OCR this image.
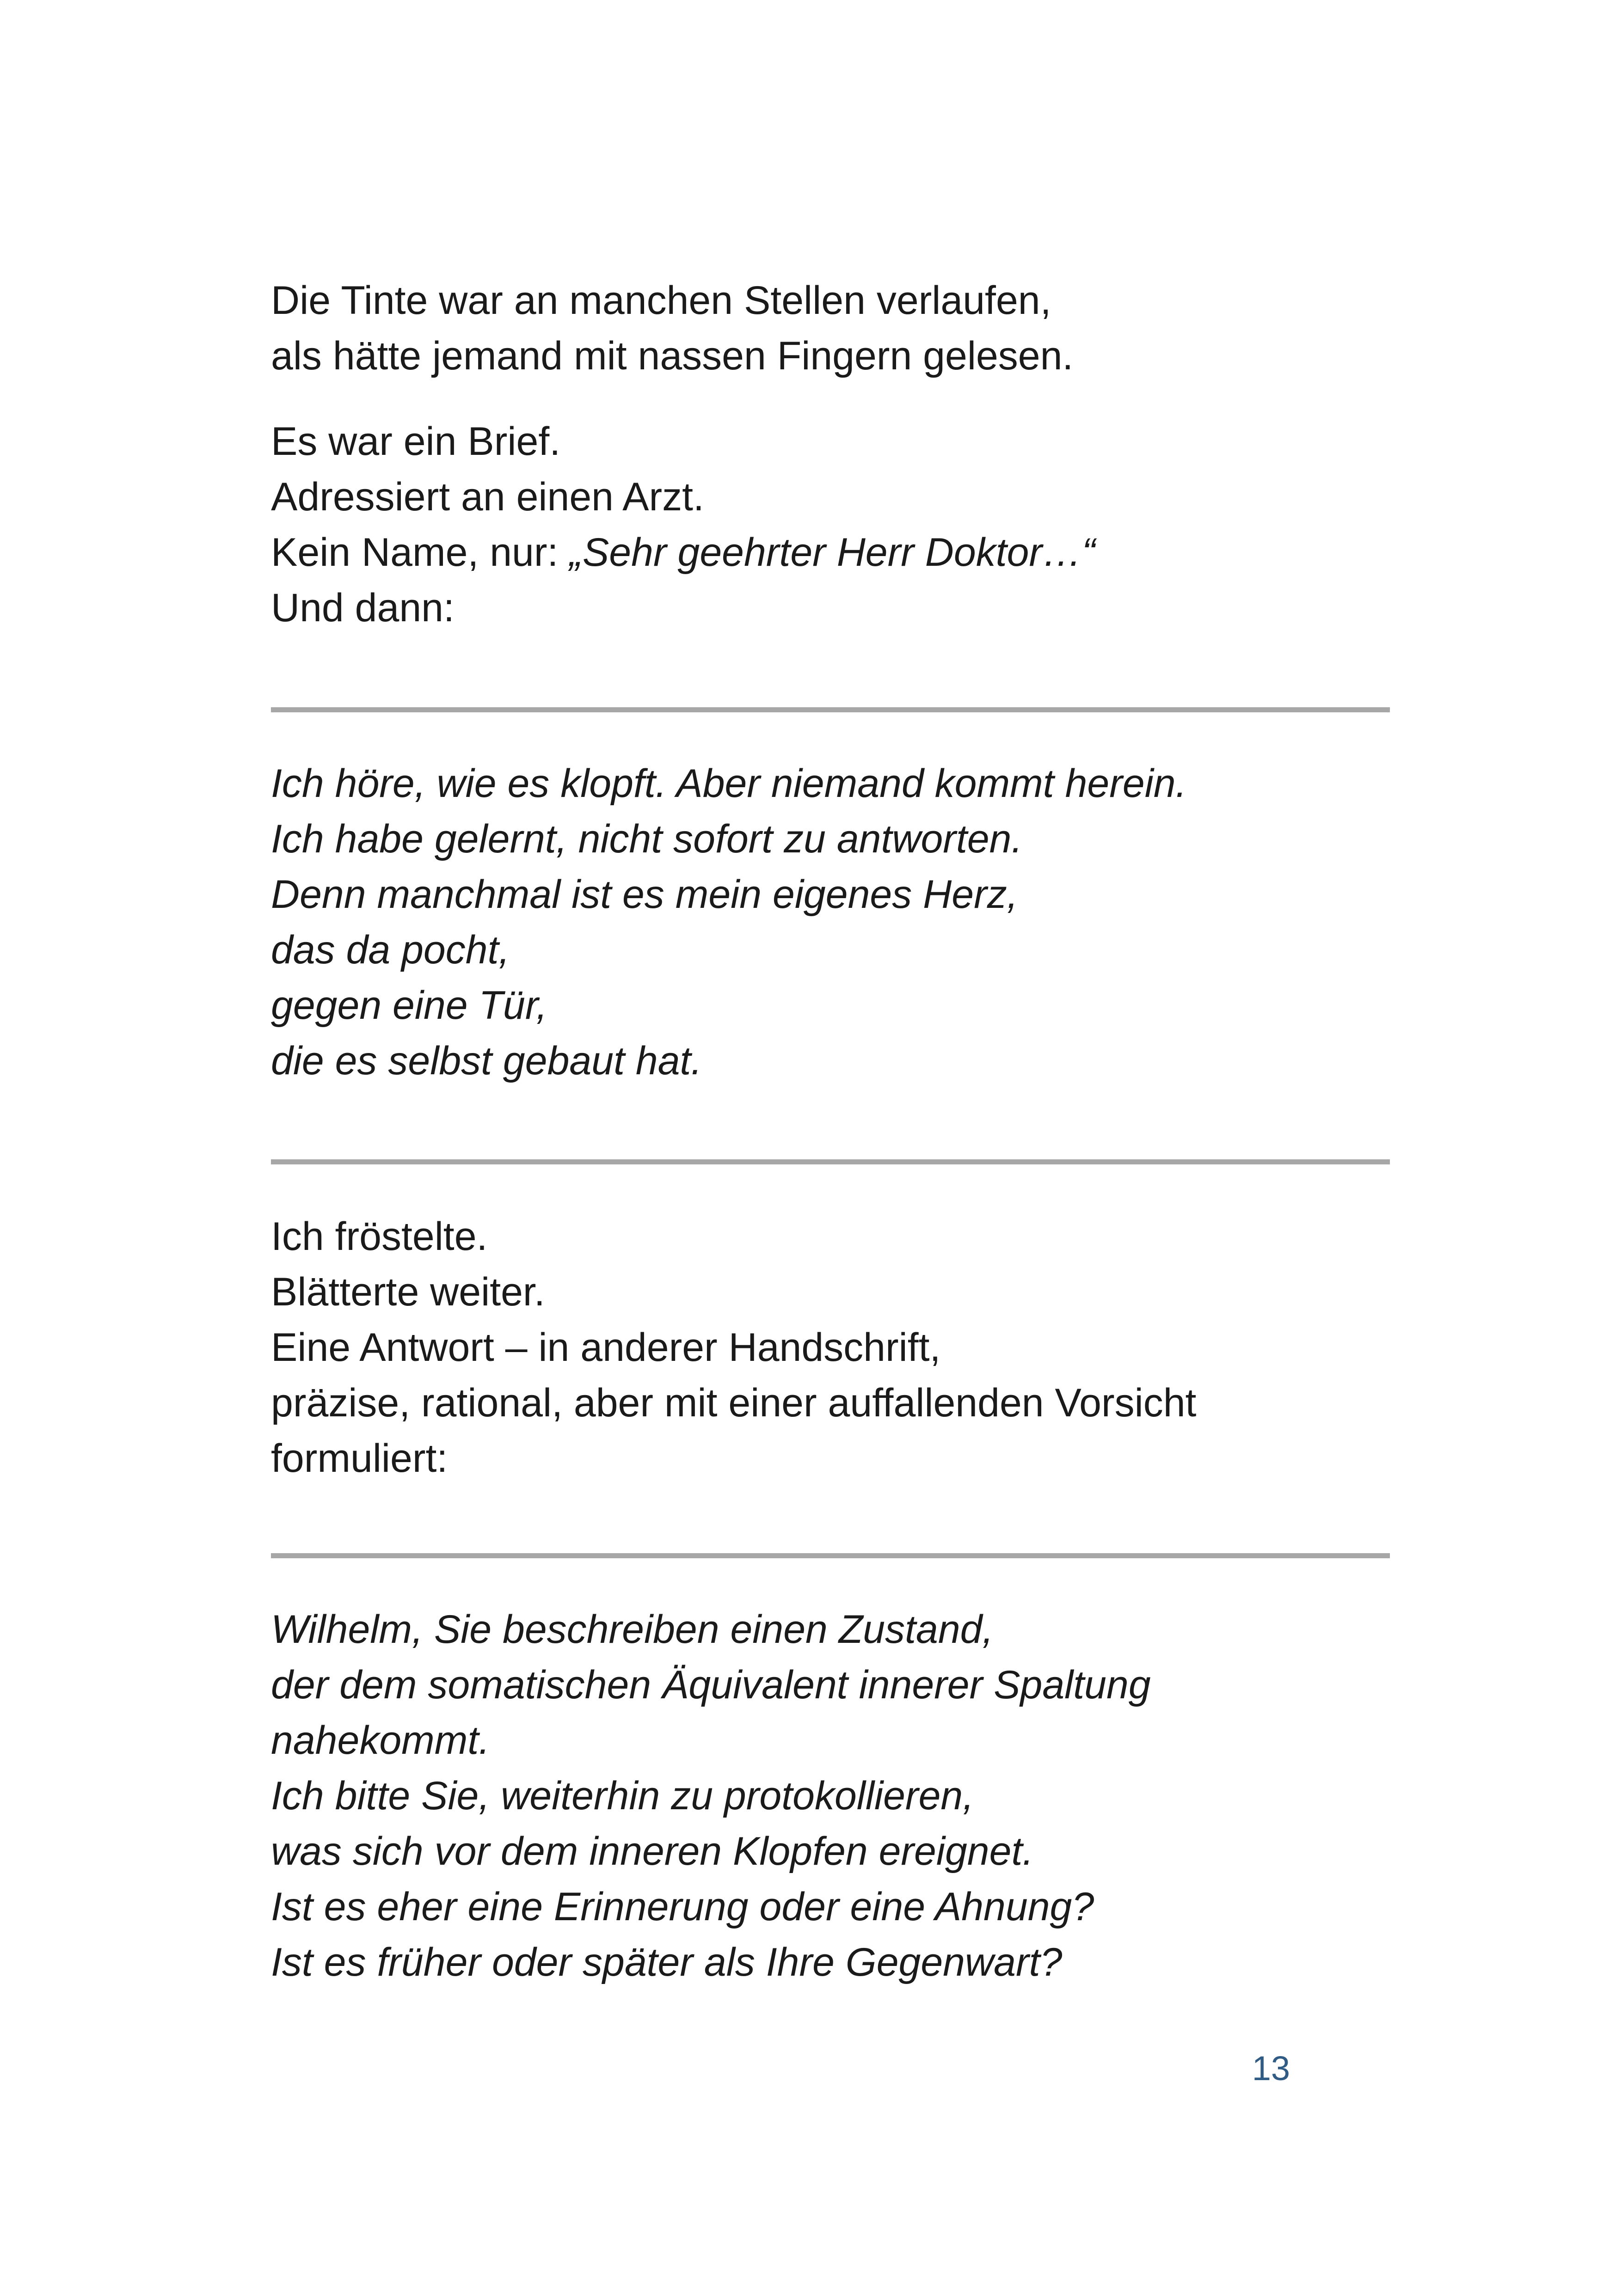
Die Tinte war an manchen Stellen verlaufen,
als hätte jemand mit nassen Fingern gelesen.
Es war ein Brief.
Adressiert an einen Arzt.
Kein Name, nur: „Sehr geehrter Herr Doktor…“
Und dann:
Ich höre, wie es klopft. Aber niemand kommt herein.
Ich habe gelernt, nicht sofort zu antworten.
Denn manchmal ist es mein eigenes Herz,
das da pocht,
gegen eine Tür,
die es selbst gebaut hat.
Ich fröstelte.
Blätterte weiter.
Eine Antwort – in anderer Handschrift,
präzise, rational, aber mit einer auffallenden Vorsicht
formuliert:
Wilhelm, Sie beschreiben einen Zustand,
der dem somatischen Äquivalent innerer Spaltung
nahekommt.
Ich bitte Sie, weiterhin zu protokollieren,
was sich vor dem inneren Klopfen ereignet.
Ist es eher eine Erinnerung oder eine Ahnung?
Ist es früher oder später als Ihre Gegenwart?
13
